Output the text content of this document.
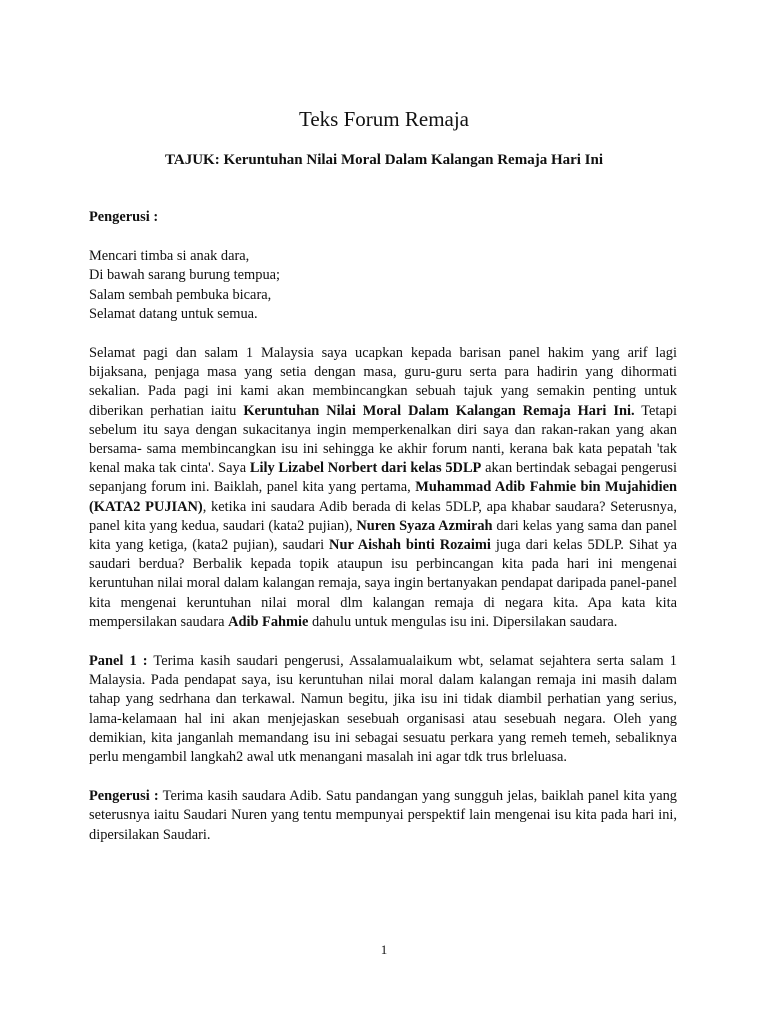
Teks Forum Remaja
TAJUK: Keruntuhan Nilai Moral Dalam Kalangan Remaja Hari Ini

Pengerusi :

Mencari timba si anak dara,
Di bawah sarang burung tempua;
Salam sembah pembuka bicara,
Selamat datang untuk semua.

Selamat pagi dan salam 1 Malaysia saya ucapkan kepada barisan panel hakim yang arif lagi bijaksana, penjaga masa yang setia dengan masa, guru-guru serta para hadirin yang dihormati sekalian. Pada pagi ini kami akan membincangkan sebuah tajuk yang semakin penting untuk diberikan perhatian iaitu Keruntuhan Nilai Moral Dalam Kalangan Remaja Hari Ini. Tetapi sebelum itu saya dengan sukacitanya ingin memperkenalkan diri saya dan rakan-rakan yang akan bersama- sama membincangkan isu ini sehingga ke akhir forum nanti, kerana bak kata pepatah 'tak kenal maka tak cinta'. Saya Lily Lizabel Norbert dari kelas 5DLP akan bertindak sebagai pengerusi sepanjang forum ini. Baiklah, panel kita yang pertama, Muhammad Adib Fahmie bin Mujahidien (KATA2 PUJIAN), ketika ini saudara Adib berada di kelas 5DLP, apa khabar saudara? Seterusnya, panel kita yang kedua, saudari (kata2 pujian), Nuren Syaza Azmirah dari kelas yang sama dan panel kita yang ketiga, (kata2 pujian), saudari Nur Aishah binti Rozaimi juga dari kelas 5DLP. Sihat ya saudari berdua? Berbalik kepada topik ataupun isu perbincangan kita pada hari ini mengenai keruntuhan nilai moral dalam kalangan remaja, saya ingin bertanyakan pendapat daripada panel-panel kita mengenai keruntuhan nilai moral dlm kalangan remaja di negara kita. Apa kata kita mempersilakan saudara Adib Fahmie dahulu untuk mengulas isu ini. Dipersilakan saudara.

Panel 1 : Terima kasih saudari pengerusi, Assalamualaikum wbt, selamat sejahtera serta salam 1 Malaysia. Pada pendapat saya, isu keruntuhan nilai moral dalam kalangan remaja ini masih dalam tahap yang sedrhana dan terkawal. Namun begitu, jika isu ini tidak diambil perhatian yang serius, lama-kelamaan hal ini akan menjejaskan sesebuah organisasi atau sesebuah negara. Oleh yang demikian, kita janganlah memandang isu ini sebagai sesuatu perkara yang remeh temeh, sebaliknya perlu mengambil langkah2 awal utk menangani masalah ini agar tdk trus brleluasa.

Pengerusi : Terima kasih saudara Adib. Satu pandangan yang sungguh jelas, baiklah panel kita yang seterusnya iaitu Saudari Nuren yang tentu mempunyai perspektif lain mengenai isu kita pada hari ini, dipersilakan Saudari.

1
